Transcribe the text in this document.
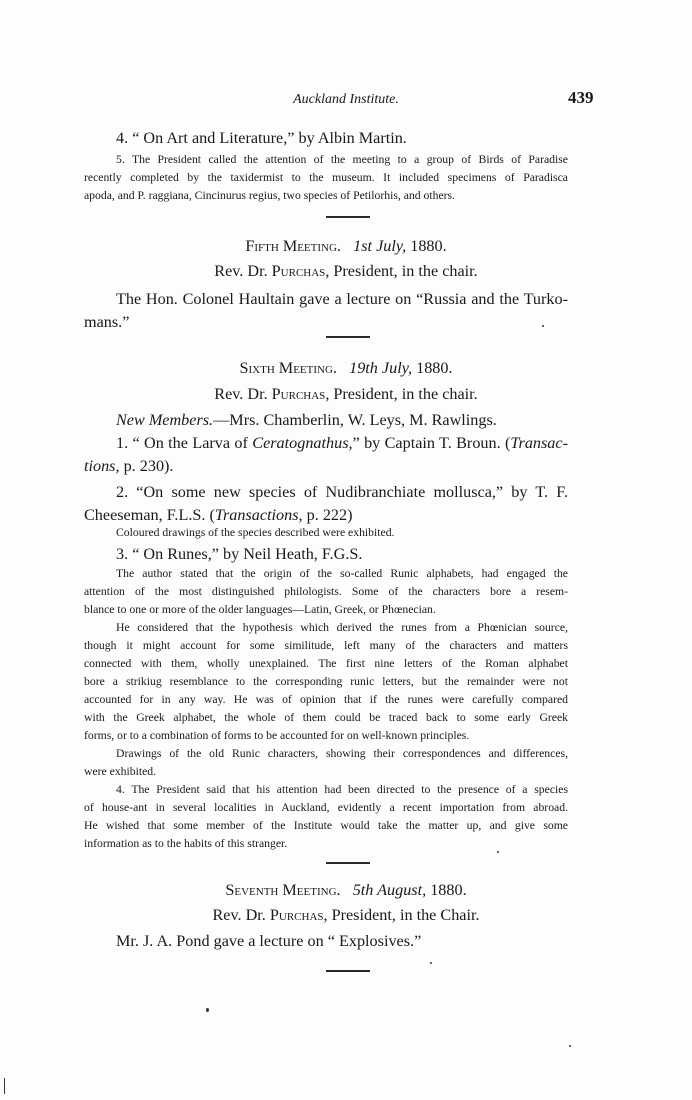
Auckland Institute.	439
4. “ On Art and Literature,” by Albin Martin.
5. The President called the attention of the meeting to a group of Birds of Paradise
recently completed by the taxidermist to the museum. It included specimens of Paradisca
apoda, and P. raggiana, Cincinurus regius, two species of Petilorhis, and others.
Fifth Meeting. 1st July, 1880.
Rev. Dr. Purchas, President, in the chair.
The Hon. Colonel Haultain gave a lecture on “Russia and the Turko-
mans.”
Sixth Meeting. 19th July, 1880.
Rev. Dr. Purchas, President, in the chair.
New Members.—Mrs. Chamberlin, W. Leys, M. Rawlings.
1. “ On the Larva of Ceratognathus,” by Captain T. Broun. (Transac-
tions, p. 230).
2. “On some new species of Nudibranchiate mollusca,” by T. F.
Cheeseman, F.L.S. (Transactions, p. 222)
Coloured drawings of the species described were exhibited.
3. “ On Runes,” by Neil Heath, F.G.S.
The author stated that the origin of the so-called Runic alphabets, had engaged the
attention of the most distinguished philologists. Some of the characters bore a resem-
blance to one or more of the older languages—Latin, Greek, or Phœnecian.
He considered that the hypothesis which derived the runes from a Phœnician source,
though it might account for some similitude, left many of the characters and matters
connected with them, wholly unexplained. The first nine letters of the Roman alphabet
bore a strikiug resemblance to the corresponding runic letters, but the remainder were not
accounted for in any way. He was of opinion that if the runes were carefully compared
with the Greek alphabet, the whole of them could be traced back to some early Greek
forms, or to a combination of forms to be accounted for on well-known principles.
Drawings of the old Runic characters, showing their correspondences and differences,
were exhibited.
4. The President said that his attention had been directed to the presence of a species
of house-ant in several localities in Auckland, evidently a recent importation from abroad.
He wished that some member of the Institute would take the matter up, and give some
information as to the habits of this stranger.
Seventh Meeting. 5th August, 1880.
Rev. Dr. Purchas, President, in the Chair.
Mr. J. A. Pond gave a lecture on “ Explosives.”
